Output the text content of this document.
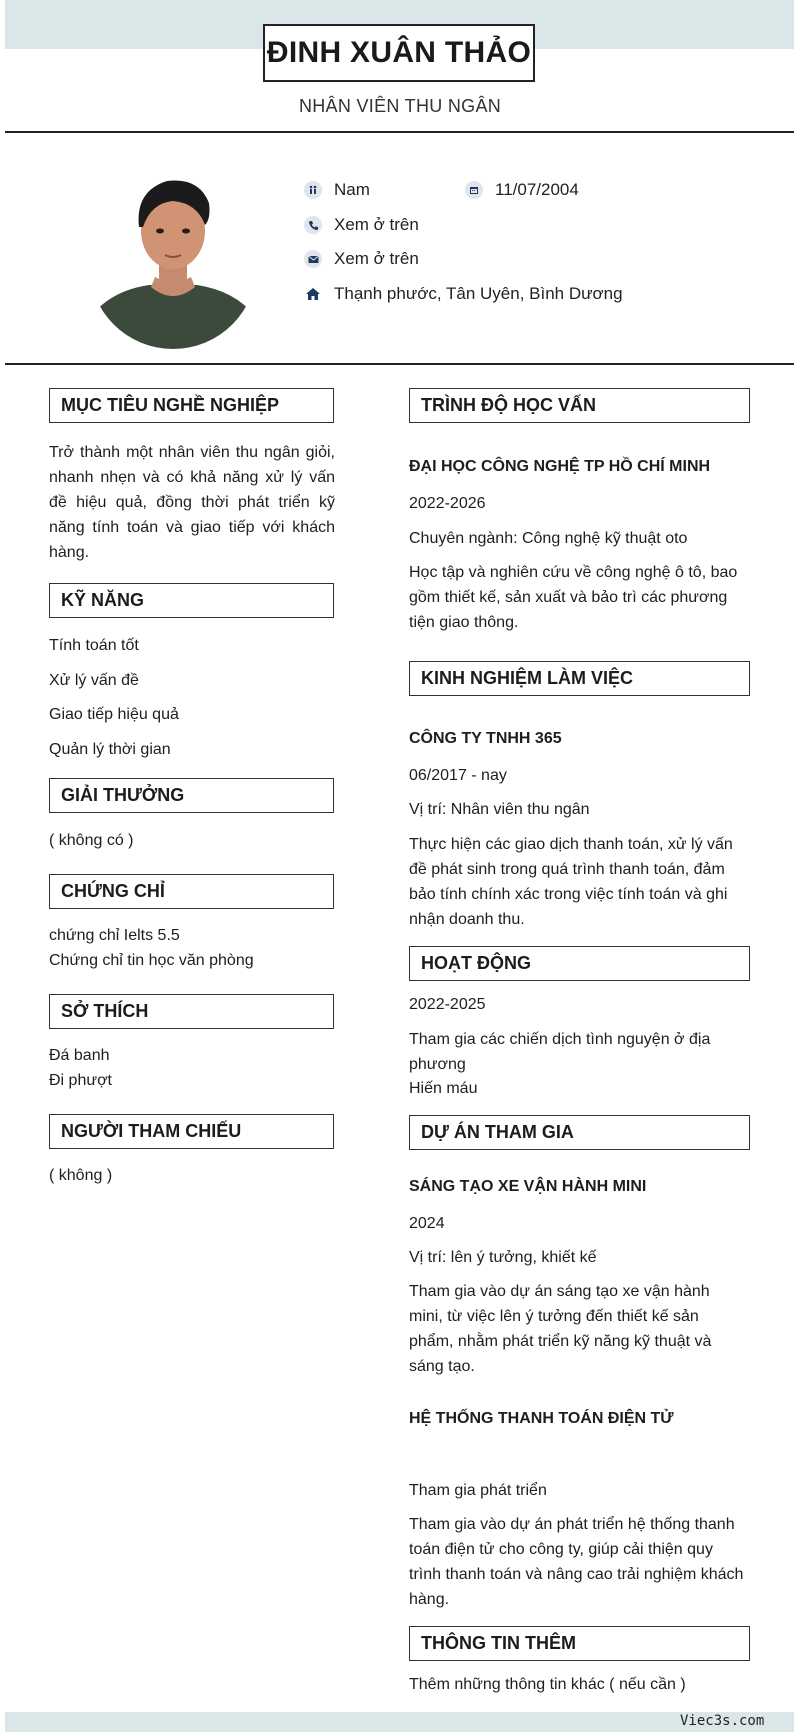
ĐINH XUÂN THẢO
NHÂN VIÊN THU NGÂN
Nam	11/07/2004
Xem ở trên
Xem ở trên
Thạnh phước, Tân Uyên, Bình Dương
MỤC TIÊU NGHỀ NGHIỆP
Trở thành một nhân viên thu ngân giỏi, nhanh nhẹn và có khả năng xử lý vấn đề hiệu quả, đồng thời phát triển kỹ năng tính toán và giao tiếp với khách hàng.
KỸ NĂNG
Tính toán tốt
Xử lý vấn đề
Giao tiếp hiệu quả
Quản lý thời gian
GIẢI THƯỞNG
( không có )
CHỨNG CHỈ
chứng chỉ Ielts 5.5
Chứng chỉ tin học văn phòng
SỞ THÍCH
Đá banh
Đi phượt
NGƯỜI THAM CHIẾU
( không )
TRÌNH ĐỘ HỌC VẤN
ĐẠI HỌC CÔNG NGHỆ TP HỒ CHÍ MINH
2022-2026
Chuyên ngành: Công nghệ kỹ thuật oto
Học tập và nghiên cứu về công nghệ ô tô, bao gồm thiết kế, sản xuất và bảo trì các phương tiện giao thông.
KINH NGHIỆM LÀM VIỆC
CÔNG TY TNHH 365
06/2017 - nay
Vị trí: Nhân viên thu ngân
Thực hiện các giao dịch thanh toán, xử lý vấn đề phát sinh trong quá trình thanh toán, đảm bảo tính chính xác trong việc tính toán và ghi nhận doanh thu.
HOẠT ĐỘNG
2022-2025
Tham gia các chiến dịch tình nguyện ở địa phương
Hiến máu
DỰ ÁN THAM GIA
SÁNG TẠO XE VẬN HÀNH MINI
2024
Vị trí: lên ý tưởng, khiết kế
Tham gia vào dự án sáng tạo xe vận hành mini, từ việc lên ý tưởng đến thiết kế sản phẩm, nhằm phát triển kỹ năng kỹ thuật và sáng tạo.
HỆ THỐNG THANH TOÁN ĐIỆN TỬ
Tham gia phát triển
Tham gia vào dự án phát triển hệ thống thanh toán điện tử cho công ty, giúp cải thiện quy trình thanh toán và nâng cao trải nghiệm khách hàng.
THÔNG TIN THÊM
Thêm những thông tin khác ( nếu cần )
Viec3s.com
